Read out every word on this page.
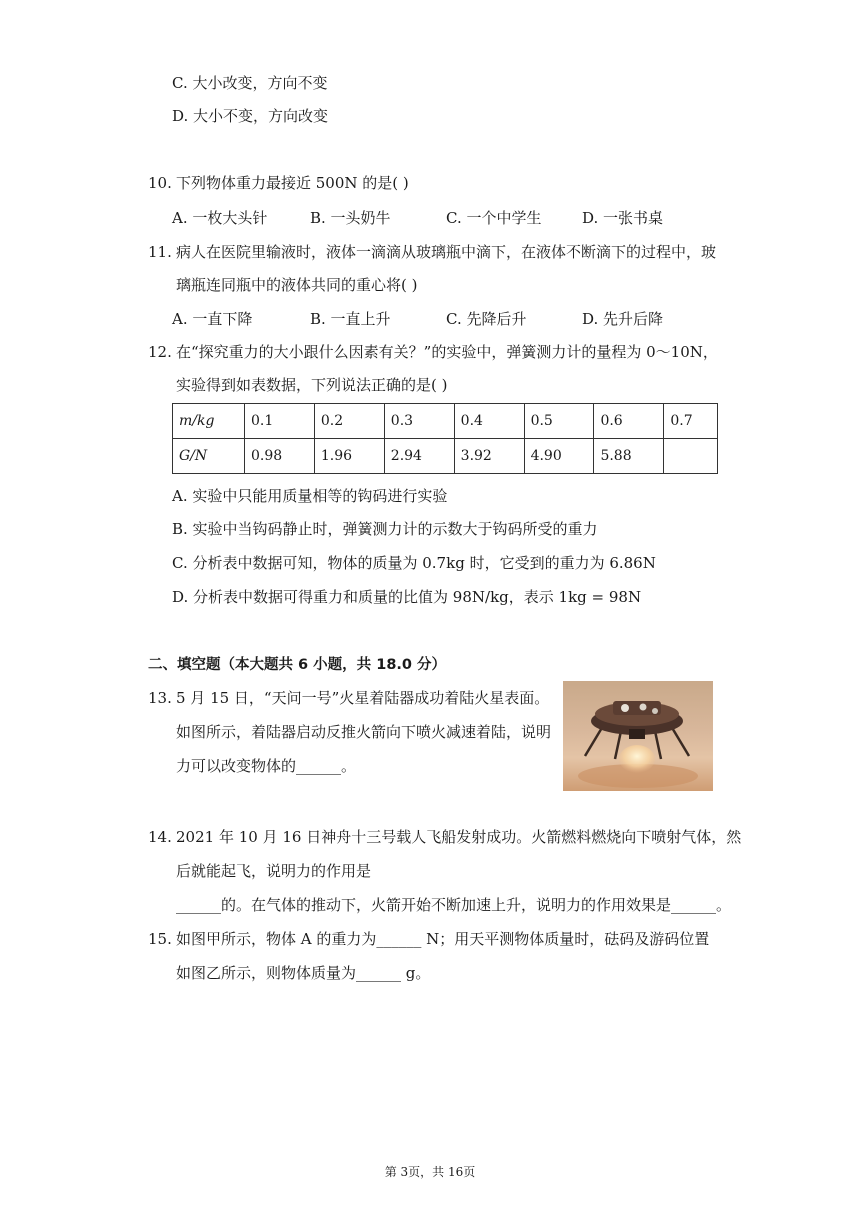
C. 大小改变，方向不变
D. 大小不变，方向改变
10. 下列物体重力最接近 500N 的是( )
A. 一枚大头针	B. 一头奶牛	C. 一个中学生	D. 一张书桌
11. 病人在医院里输液时，液体一滴滴从玻璃瓶中滴下，在液体不断滴下的过程中，玻
璃瓶连同瓶中的液体共同的重心将( )
A. 一直下降	B. 一直上升	C. 先降后升	D. 先升后降
12. 在“探究重力的大小跟什么因素有关？”的实验中，弹簧测力计的量程为 0～10N，
实验得到如表数据，下列说法正确的是( )
m/kg	0.1	0.2	0.3	0.4	0.5	0.6	0.7
G/N	0.98	1.96	2.94	3.92	4.90	5.88	
A. 实验中只能用质量相等的钩码进行实验
B. 实验中当钩码静止时，弹簧测力计的示数大于钩码所受的重力
C. 分析表中数据可知，物体的质量为 0.7kg 时，它受到的重力为 6.86N
D. 分析表中数据可得重力和质量的比值为 98N/kg，表示 1kg = 98N
二、填空题（本大题共 6 小题，共 18.0 分）
13. 5 月 15 日，“天问一号”火星着陆器成功着陆火星表面。
如图所示，着陆器启动反推火箭向下喷火减速着陆，说明
力可以改变物体的______。
14. 2021 年 10 月 16 日神舟十三号载人飞船发射成功。火箭燃料燃烧向下喷射气体，然
后就能起飞，说明力的作用是
______的。在气体的推动下，火箭开始不断加速上升，说明力的作用效果是______。
15. 如图甲所示，物体 A 的重力为______ N；用天平测物体质量时，砝码及游码位置
如图乙所示，则物体质量为______ g。
第 3页，共 16页
